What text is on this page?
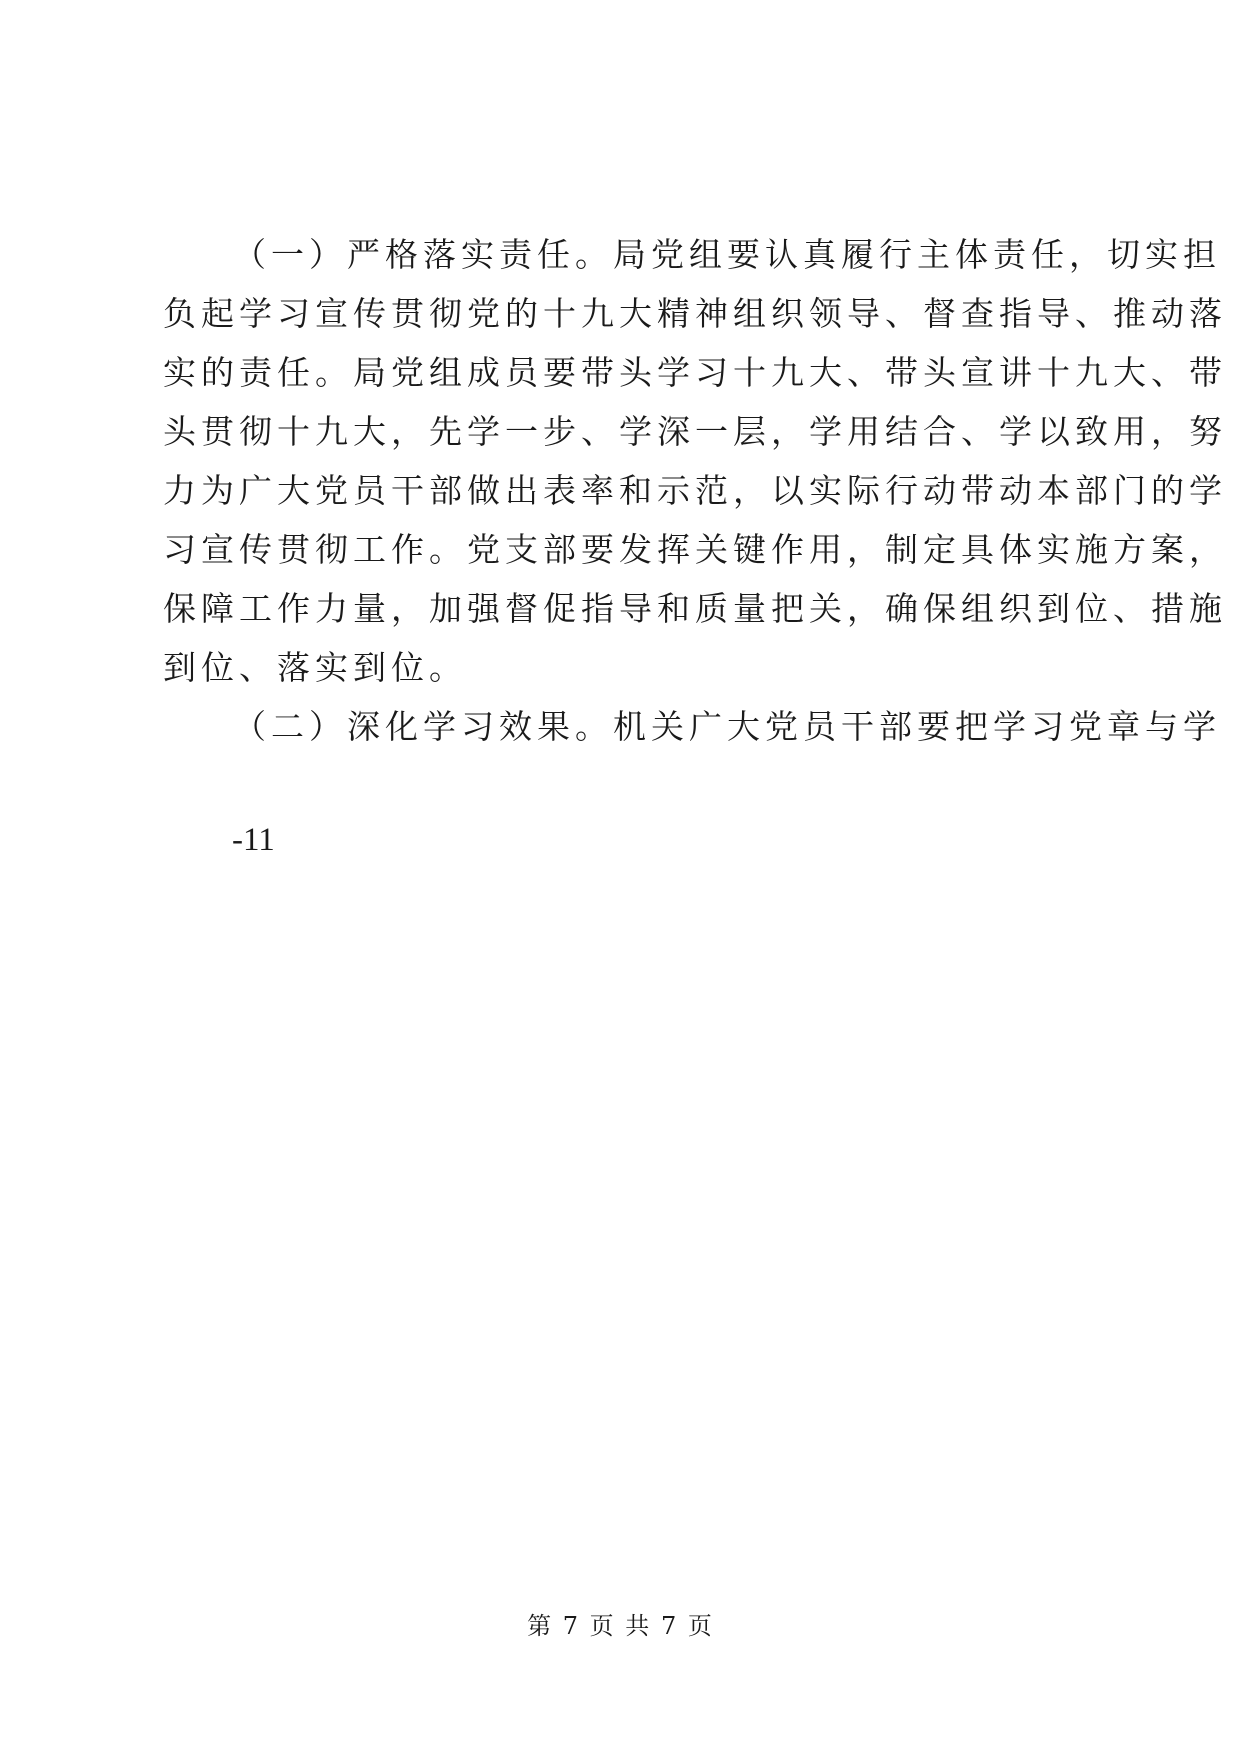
（一）严格落实责任。局党组要认真履行主体责任，切实担
负起学习宣传贯彻党的十九大精神组织领导、督查指导、推动落
实的责任。局党组成员要带头学习十九大、带头宣讲十九大、带
头贯彻十九大，先学一步、学深一层，学用结合、学以致用，努
力为广大党员干部做出表率和示范，以实际行动带动本部门的学
习宣传贯彻工作。党支部要发挥关键作用，制定具体实施方案，
保障工作力量，加强督促指导和质量把关，确保组织到位、措施
到位、落实到位。
（二）深化学习效果。机关广大党员干部要把学习党章与学
-11
第 7 页 共 7 页
